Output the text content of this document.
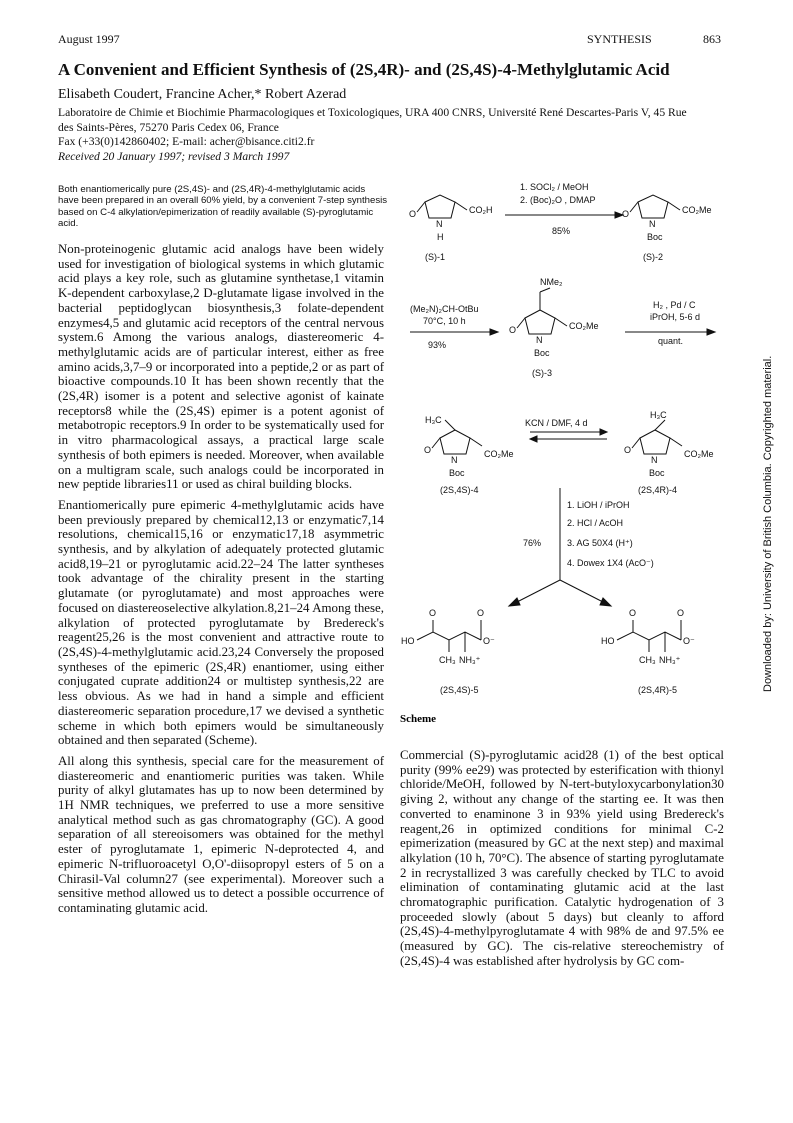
August 1997	SYNTHESIS	863
A Convenient and Efficient Synthesis of (2S,4R)- and (2S,4S)-4-Methylglutamic Acid
Elisabeth Coudert, Francine Acher,* Robert Azerad
Laboratoire de Chimie et Biochimie Pharmacologiques et Toxicologiques, URA 400 CNRS, Université René Descartes-Paris V, 45 Rue
des Saints-Pères, 75270 Paris Cedex 06, France
Fax (+33(0)142860402; E-mail: acher@bisance.citi2.fr
Received 20 January 1997; revised 3 March 1997
Both enantiomerically pure (2S,4S)- and (2S,4R)-4-methylglutamic acids have been prepared in an overall 60% yield, by a convenient 7-step synthesis based on C-4 alkylation/epimerization of readily available (S)-pyroglutamic acid.

Non-proteinogenic glutamic acid analogs have been widely used for investigation of biological systems in which glutamic acid plays a key role, such as glutamine synthetase,1 vitamin K-dependent carboxylase,2 D-glutamate ligase involved in the bacterial peptidoglycan biosynthesis,3 folate-dependent enzymes4,5 and glutamic acid receptors of the central nervous system.6 Among the various analogs, diastereomeric 4-methylglutamic acids are of particular interest, either as free amino acids,3,7–9 or incorporated into a peptide,2 or as part of bioactive compounds.10 It has been shown recently that the (2S,4R) isomer is a potent and selective agonist of kainate receptors8 while the (2S,4S) epimer is a potent agonist of metabotropic receptors.9 In order to be systematically used for in vitro pharmacological assays, a practical large scale synthesis of both epimers is needed. Moreover, when available on a multigram scale, such analogs could be incorporated in new peptide libraries11 or used as chiral building blocks.

Enantiomerically pure epimeric 4-methylglutamic acids have been previously prepared by chemical12,13 or enzymatic7,14 resolutions, chemical15,16 or enzymatic17,18 asymmetric synthesis, and by alkylation of adequately protected glutamic acid8,19–21 or pyroglutamic acid.22–24 The latter syntheses took advantage of the chirality present in the starting glutamate (or pyroglutamate) and most approaches were focused on diastereoselective alkylation.8,21–24 Among these, alkylation of protected pyroglutamate by Bredereck's reagent25,26 is the most convenient and attractive route to (2S,4S)-4-methylglutamic acid.23,24 Conversely the proposed syntheses of the epimeric (2S,4R) enantiomer, using either conjugated cuprate addition24 or multistep synthesis,22 are less obvious. As we had in hand a simple and efficient diastereomeric separation procedure,17 we devised a synthetic scheme in which both epimers would be simultaneously obtained and then separated (Scheme).

All along this synthesis, special care for the measurement of diastereomeric and enantiomeric purities was taken. While purity of alkyl glutamates has up to now been determined by 1H NMR techniques, we preferred to use a more sensitive analytical method such as gas chromatography (GC). A good separation of all stereoisomers was obtained for the methyl ester of pyroglutamate 1, epimeric N-deprotected 4, and epimeric N-trifluoroacetyl O,O'-diisopropyl esters of 5 on a Chirasil-Val column27 (see experimental). Moreover such a sensitive method allowed us to detect a possible occurrence of contaminating glutamic acid.

Commercial (S)-pyroglutamic acid28 (1) of the best optical purity (99% ee29) was protected by esterification with thionyl chloride/MeOH, followed by N-tert-butyloxycarbonylation30 giving 2, without any change of the starting ee. It was then converted to enaminone 3 in 93% yield using Bredereck's reagent,26 in optimized conditions for minimal C-2 epimerization (measured by GC at the next step) and maximal alkylation (10 h, 70°C). The absence of starting pyroglutamate 2 in recrystallized 3 was carefully checked by TLC to avoid elimination of contaminating glutamic acid at the last chromatographic purification. Catalytic hydrogenation of 3 proceeded slowly (about 5 days) but cleanly to afford (2S,4S)-4-methylpyroglutamate 4 with 98% de and 97.5% ee (measured by GC). The cis-relative stereochemistry of (2S,4S)-4 was established after hydrolysis by GC com-

1. SOCl₂ / MeOH
2. (Boc)₂O , DMAP
85%
O
N
H
CO₂H
(S)-1
O
N
Boc
CO₂Me
(S)-2
(Me₂N)₂CH-OtBu
70°C, 10 h
93%
NMe₂
O
N
Boc
CO₂Me
(S)-3
H₂ , Pd / C
iPrOH, 5-6 d
quant.
H₃C
O
N
Boc
CO₂Me
(2S,4S)-4
KCN / DMF, 4 d
H₃C
O
N
Boc
CO₂Me
(2S,4R)-4
1. LiOH / iPrOH
2. HCl / AcOH
3. AG 50X4 (H⁺)
4. Dowex 1X4 (AcO⁻)
76%
O	O
HO	O⁻
CH₃ NH₃⁺
(2S,4S)-5
O	O
HO	O⁻
CH₃ NH₃⁺
(2S,4R)-5
Scheme
Downloaded by: University of British Columbia. Copyrighted material.
